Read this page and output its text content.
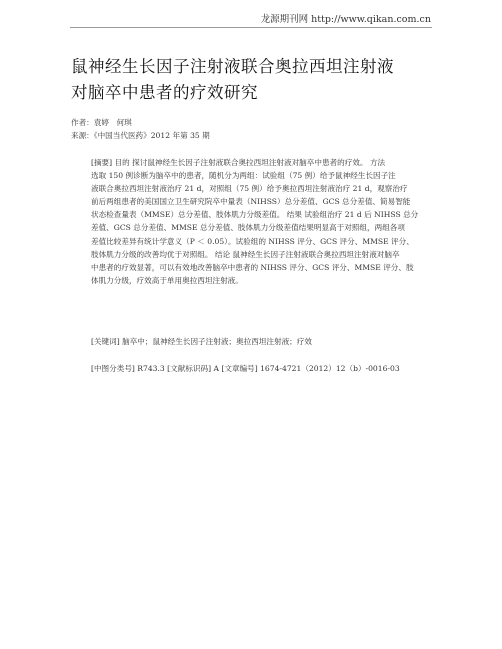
龙源期刊网 http://www.qikan.com.cn
鼠神经生长因子注射液联合奥拉西坦注射液
对脑卒中患者的疗效研究
作者：袁婷　何琪
来源：《中国当代医药》2012 年第 35 期
[摘要] 目的 探讨鼠神经生长因子注射液联合奥拉西坦注射液对脑卒中患者的疗效。 方法
选取 150 例诊断为脑卒中的患者，随机分为两组：试验组（75 例）给予鼠神经生长因子注
液联合奥拉西坦注射液治疗 21 d，对照组（75 例）给予奥拉西坦注射液治疗 21 d，观察治疗
前后两组患者的美国国立卫生研究院卒中量表（NIHSS）总分差值、GCS 总分差值、简易智能
状态检查量表（MMSE）总分差值、肢体肌力分级差值。 结果 试验组治疗 21 d 后 NIHSS 总分
差值、GCS 总分差值、MMSE 总分差值、肢体肌力分级差值结果明显高于对照组，两组各项
差值比较差异有统计学意义（P ＜ 0.05）。试验组的 NIHSS 评分、GCS 评分、MMSE 评分、
肢体肌力分级的改善均优于对照组。 结论 鼠神经生长因子注射液联合奥拉西坦注射液对脑卒
中患者的疗效显著，可以有效地改善脑卒中患者的 NIHSS 评分、GCS 评分、MMSE 评分、肢
体肌力分级，疗效高于单用奥拉西坦注射液。
[关键词] 脑卒中；鼠神经生长因子注射液；奥拉西坦注射液；疗效
[中图分类号] R743.3 [文献标识码] A [文章编号] 1674-4721（2012）12（b）-0016-03
